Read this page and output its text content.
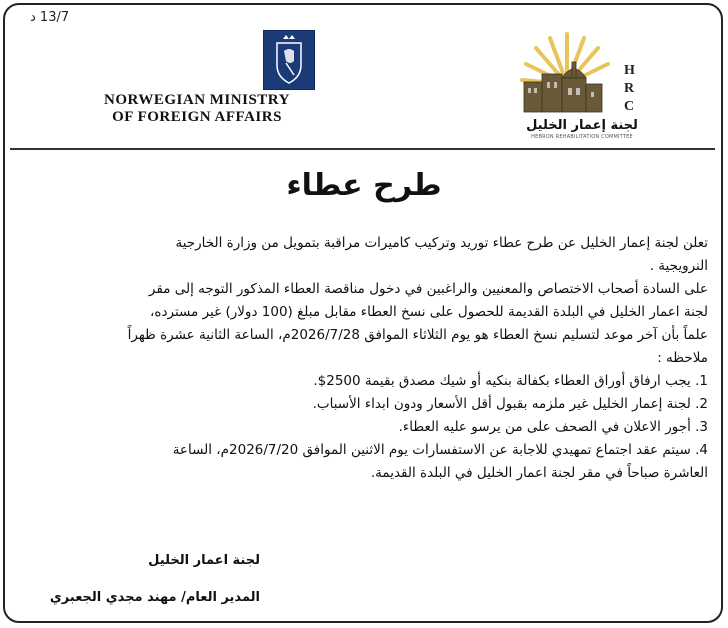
13/7 د
NORWEGIAN MINISTRY
OF FOREIGN AFFAIRS
H
R
C
لجنة إعمار الخليل
HEBRON REHABILITATION COMMITTEE
طرح عطاء

تعلن لجنة إعمار الخليل عن طرح عطاء توريد وتركيب كاميرات مراقبة بتمويل من وزارة الخارجية

النرويجية .

على السادة أصحاب الاختصاص والمعنيين والراغبين في دخول مناقصة العطاء المذكور التوجه إلى مقر

لجنة اعمار الخليل في البلدة القديمة للحصول على نسخ العطاء مقابل مبلغ (100 دولار) غير مسترده،

علماً بأن آخر موعد لتسليم نسخ العطاء هو يوم الثلاثاء الموافق 2026/7/28م، الساعة الثانية عشرة ظهراً

ملاحظه :

1. يجب ارفاق أوراق العطاء بكفالة بنكيه أو شيك مصدق بقيمة 2500$.

2. لجنة إعمار الخليل غير ملزمه بقبول أقل الأسعار ودون ابداء الأسباب.

3. أجور الاعلان في الصحف على من يرسو عليه العطاء.

4. سيتم عقد اجتماع تمهيدي للاجابة عن الاستفسارات يوم الاثنين الموافق 2026/7/20م، الساعة

العاشرة صباحاً في مقر لجنة اعمار الخليل في البلدة القديمة.

لجنة اعمار الخليل
المدير العام/ مهند مجدي الجعبري
